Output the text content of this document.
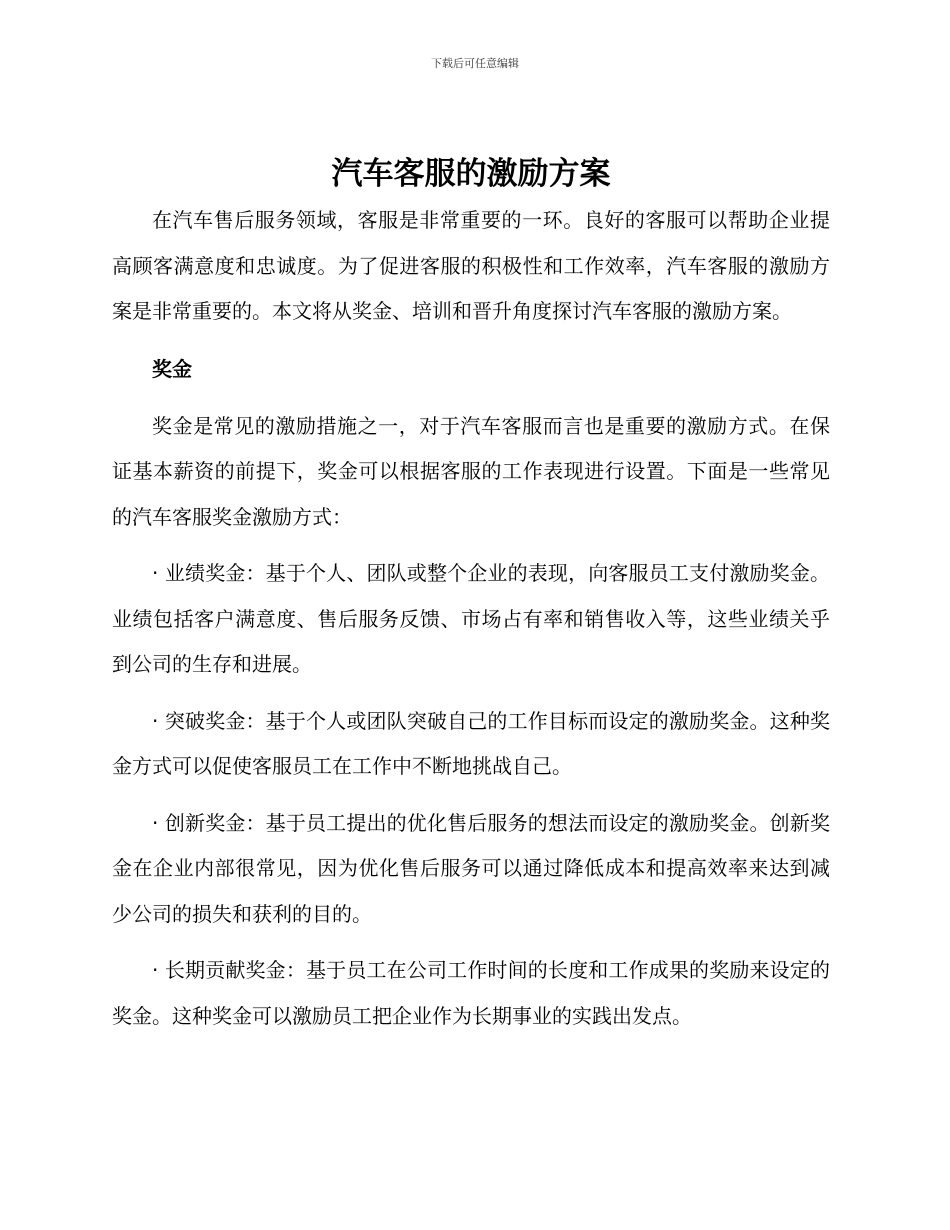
下载后可任意编辑
汽车客服的激励方案

在汽车售后服务领域，客服是非常重要的一环。良好的客服可以帮助企业提高顾客满意度和忠诚度。为了促进客服的积极性和工作效率，汽车客服的激励方案是非常重要的。本文将从奖金、培训和晋升角度探讨汽车客服的激励方案。

奖金

奖金是常见的激励措施之一，对于汽车客服而言也是重要的激励方式。在保证基本薪资的前提下，奖金可以根据客服的工作表现进行设置。下面是一些常见的汽车客服奖金激励方式：

· 业绩奖金：基于个人、团队或整个企业的表现，向客服员工支付激励奖金。业绩包括客户满意度、售后服务反馈、市场占有率和销售收入等，这些业绩关乎到公司的生存和进展。

· 突破奖金：基于个人或团队突破自己的工作目标而设定的激励奖金。这种奖金方式可以促使客服员工在工作中不断地挑战自己。

· 创新奖金：基于员工提出的优化售后服务的想法而设定的激励奖金。创新奖金在企业内部很常见，因为优化售后服务可以通过降低成本和提高效率来达到减少公司的损失和获利的目的。

· 长期贡献奖金：基于员工在公司工作时间的长度和工作成果的奖励来设定的奖金。这种奖金可以激励员工把企业作为长期事业的实践出发点。
